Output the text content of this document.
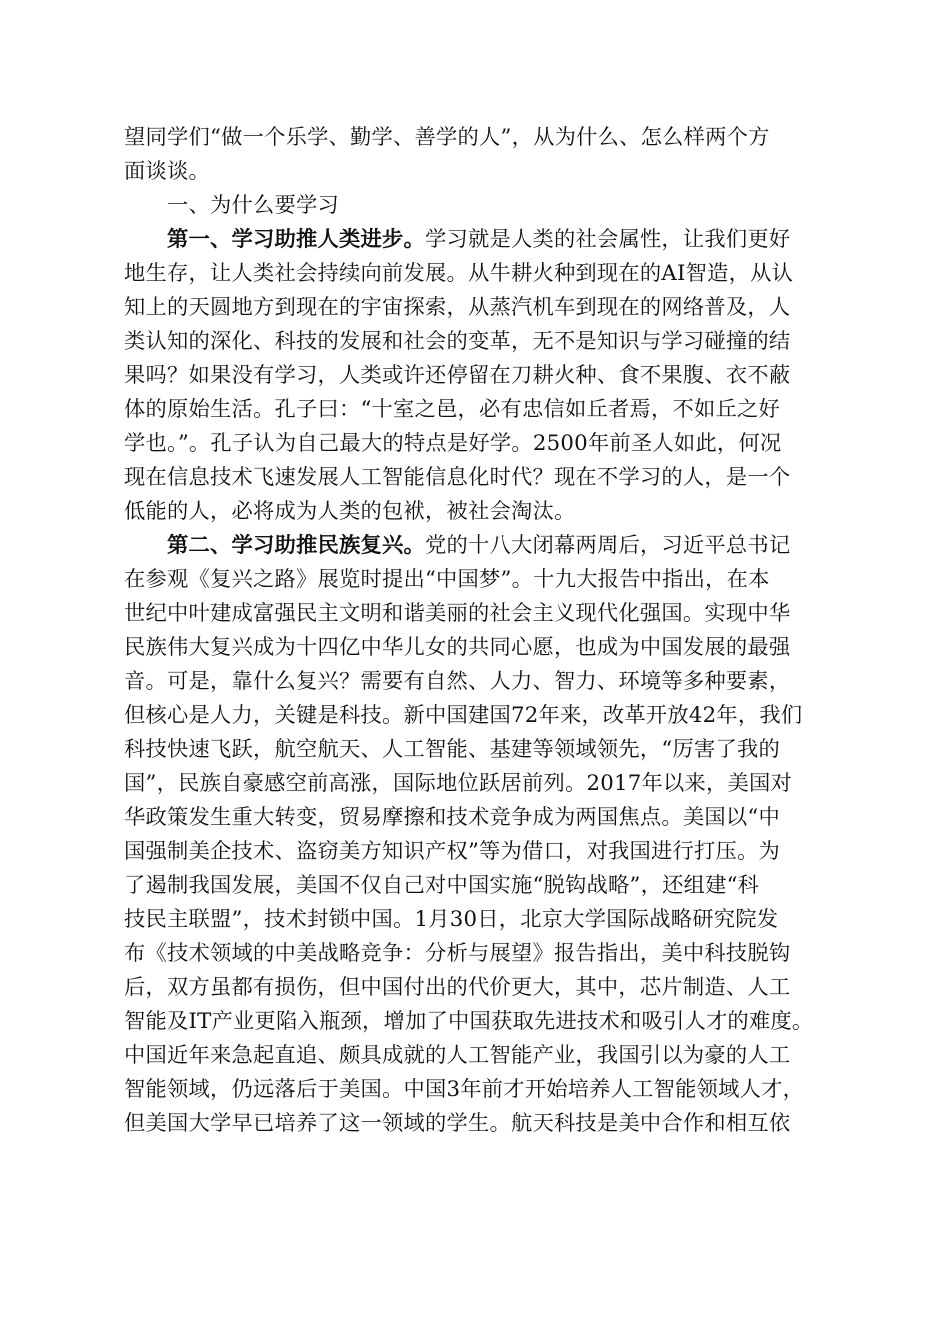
望同学们“做一个乐学、勤学、善学的人”，从为什么、怎么样两个方
面谈谈。
一、为什么要学习
第一、学习助推人类进步。学习就是人类的社会属性，让我们更好
地生存，让人类社会持续向前发展。从牛耕火种到现在的AI智造，从认
知上的天圆地方到现在的宇宙探索，从蒸汽机车到现在的网络普及，人
类认知的深化、科技的发展和社会的变革，无不是知识与学习碰撞的结
果吗？如果没有学习，人类或许还停留在刀耕火种、食不果腹、衣不蔽
体的原始生活。孔子曰：“十室之邑，必有忠信如丘者焉，不如丘之好
学也。”。孔子认为自己最大的特点是好学。2500年前圣人如此，何况
现在信息技术飞速发展人工智能信息化时代？现在不学习的人，是一个
低能的人，必将成为人类的包袱，被社会淘汰。
第二、学习助推民族复兴。党的十八大闭幕两周后，习近平总书记
在参观《复兴之路》展览时提出“中国梦”。十九大报告中指出，在本
世纪中叶建成富强民主文明和谐美丽的社会主义现代化强国。实现中华
民族伟大复兴成为十四亿中华儿女的共同心愿，也成为中国发展的最强
音。可是，靠什么复兴？需要有自然、人力、智力、环境等多种要素，
但核心是人力，关键是科技。新中国建国72年来，改革开放42年，我们
科技快速飞跃，航空航天、人工智能、基建等领域领先，“厉害了我的
国”，民族自豪感空前高涨，国际地位跃居前列。2017年以来，美国对
华政策发生重大转变，贸易摩擦和技术竞争成为两国焦点。美国以“中
国强制美企技术、盗窃美方知识产权”等为借口，对我国进行打压。为
了遏制我国发展，美国不仅自己对中国实施“脱钩战略”，还组建“科
技民主联盟”，技术封锁中国。1月30日，北京大学国际战略研究院发
布《技术领域的中美战略竞争：分析与展望》报告指出，美中科技脱钩
后，双方虽都有损伤，但中国付出的代价更大，其中，芯片制造、人工
智能及IT产业更陷入瓶颈，增加了中国获取先进技术和吸引人才的难度。
中国近年来急起直追、颇具成就的人工智能产业，我国引以为豪的人工
智能领域，仍远落后于美国。中国3年前才开始培养人工智能领域人才，
但美国大学早已培养了这一领域的学生。航天科技是美中合作和相互依
